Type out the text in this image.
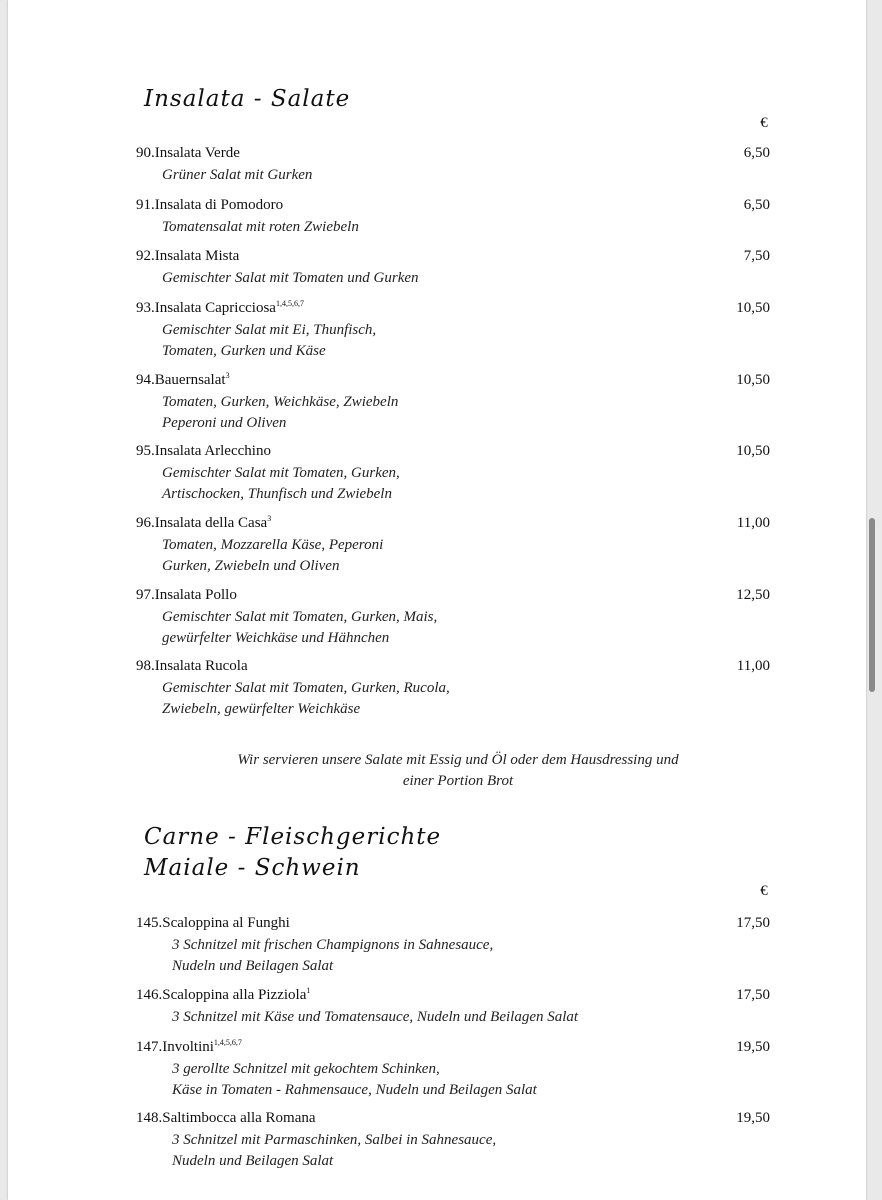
Insalata - Salate
€
90.Insalata Verde	6,50
Grüner Salat mit Gurken
91.Insalata di Pomodoro	6,50
Tomatensalat mit roten Zwiebeln
92.Insalata Mista	7,50
Gemischter Salat mit Tomaten und Gurken
93.Insalata Capricciosa$^{1,4,5,6,7}$	10,50
Gemischter Salat mit Ei, Thunfisch,
Tomaten, Gurken und Käse
94.Bauernsalat$^3$	10,50
Tomaten, Gurken, Weichkäse, Zwiebeln
Peperoni und Oliven
95.Insalata Arlecchino	10,50
Gemischter Salat mit Tomaten, Gurken,
Artischocken, Thunfisch und Zwiebeln
96.Insalata della Casa$^3$	11,00
Tomaten, Mozzarella Käse, Peperoni
Gurken, Zwiebeln und Oliven
97.Insalata Pollo	12,50
Gemischter Salat mit Tomaten, Gurken, Mais,
gewürfelter Weichkäse und Hähnchen
98.Insalata Rucola	11,00
Gemischter Salat mit Tomaten, Gurken, Rucola,
Zwiebeln, gewürfelter Weichkäse
Wir servieren unsere Salate mit Essig und Öl oder dem Hausdressing und
einer Portion Brot
Carne - Fleischgerichte
Maiale - Schwein
€
145.Scaloppina al Funghi	17,50
3 Schnitzel mit frischen Champignons in Sahnesauce,
Nudeln und Beilagen Salat
146.Scaloppina alla Pizziola$^1$	17,50
3 Schnitzel mit Käse und Tomatensauce, Nudeln und Beilagen Salat
147.Involtini$^{1,4,5,6,7}$	19,50
3 gerollte Schnitzel mit gekochtem Schinken,
Käse in Tomaten - Rahmensauce, Nudeln und Beilagen Salat
148.Saltimbocca alla Romana	19,50
3 Schnitzel mit Parmaschinken, Salbei in Sahnesauce,
Nudeln und Beilagen Salat
